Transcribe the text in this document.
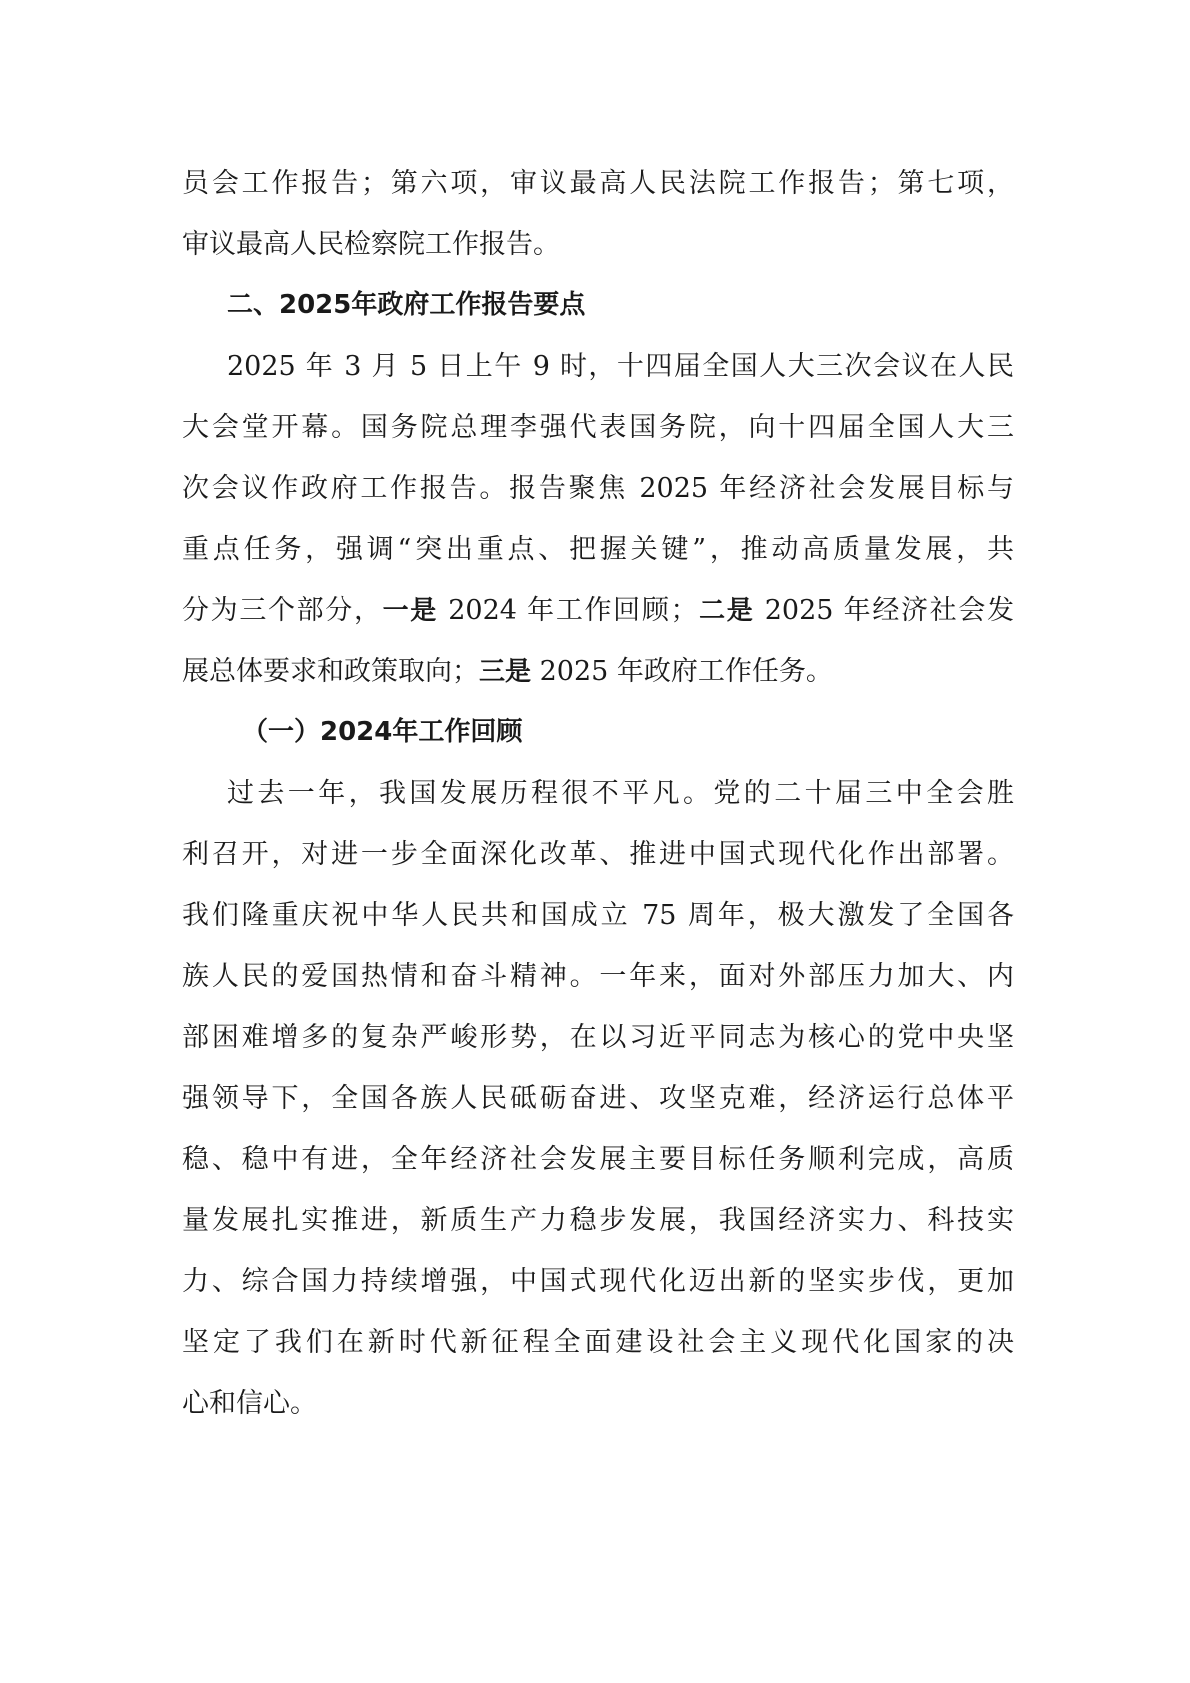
员会工作报告；第六项，审议最高人民法院工作报告；第七项，
审议最高人民检察院工作报告。
二、2025年政府工作报告要点
2025 年 3 月 5 日上午 9 时，十四届全国人大三次会议在人民
大会堂开幕。国务院总理李强代表国务院，向十四届全国人大三
次会议作政府工作报告。报告聚焦 2025 年经济社会发展目标与
重点任务，强调“突出重点、把握关键”，推动高质量发展，共
分为三个部分，一是 2024 年工作回顾；二是 2025 年经济社会发
展总体要求和政策取向；三是 2025 年政府工作任务。
（一）2024年工作回顾
过去一年，我国发展历程很不平凡。党的二十届三中全会胜
利召开，对进一步全面深化改革、推进中国式现代化作出部署。
我们隆重庆祝中华人民共和国成立 75 周年，极大激发了全国各
族人民的爱国热情和奋斗精神。一年来，面对外部压力加大、内
部困难增多的复杂严峻形势，在以习近平同志为核心的党中央坚
强领导下，全国各族人民砥砺奋进、攻坚克难，经济运行总体平
稳、稳中有进，全年经济社会发展主要目标任务顺利完成，高质
量发展扎实推进，新质生产力稳步发展，我国经济实力、科技实
力、综合国力持续增强，中国式现代化迈出新的坚实步伐，更加
坚定了我们在新时代新征程全面建设社会主义现代化国家的决
心和信心。
